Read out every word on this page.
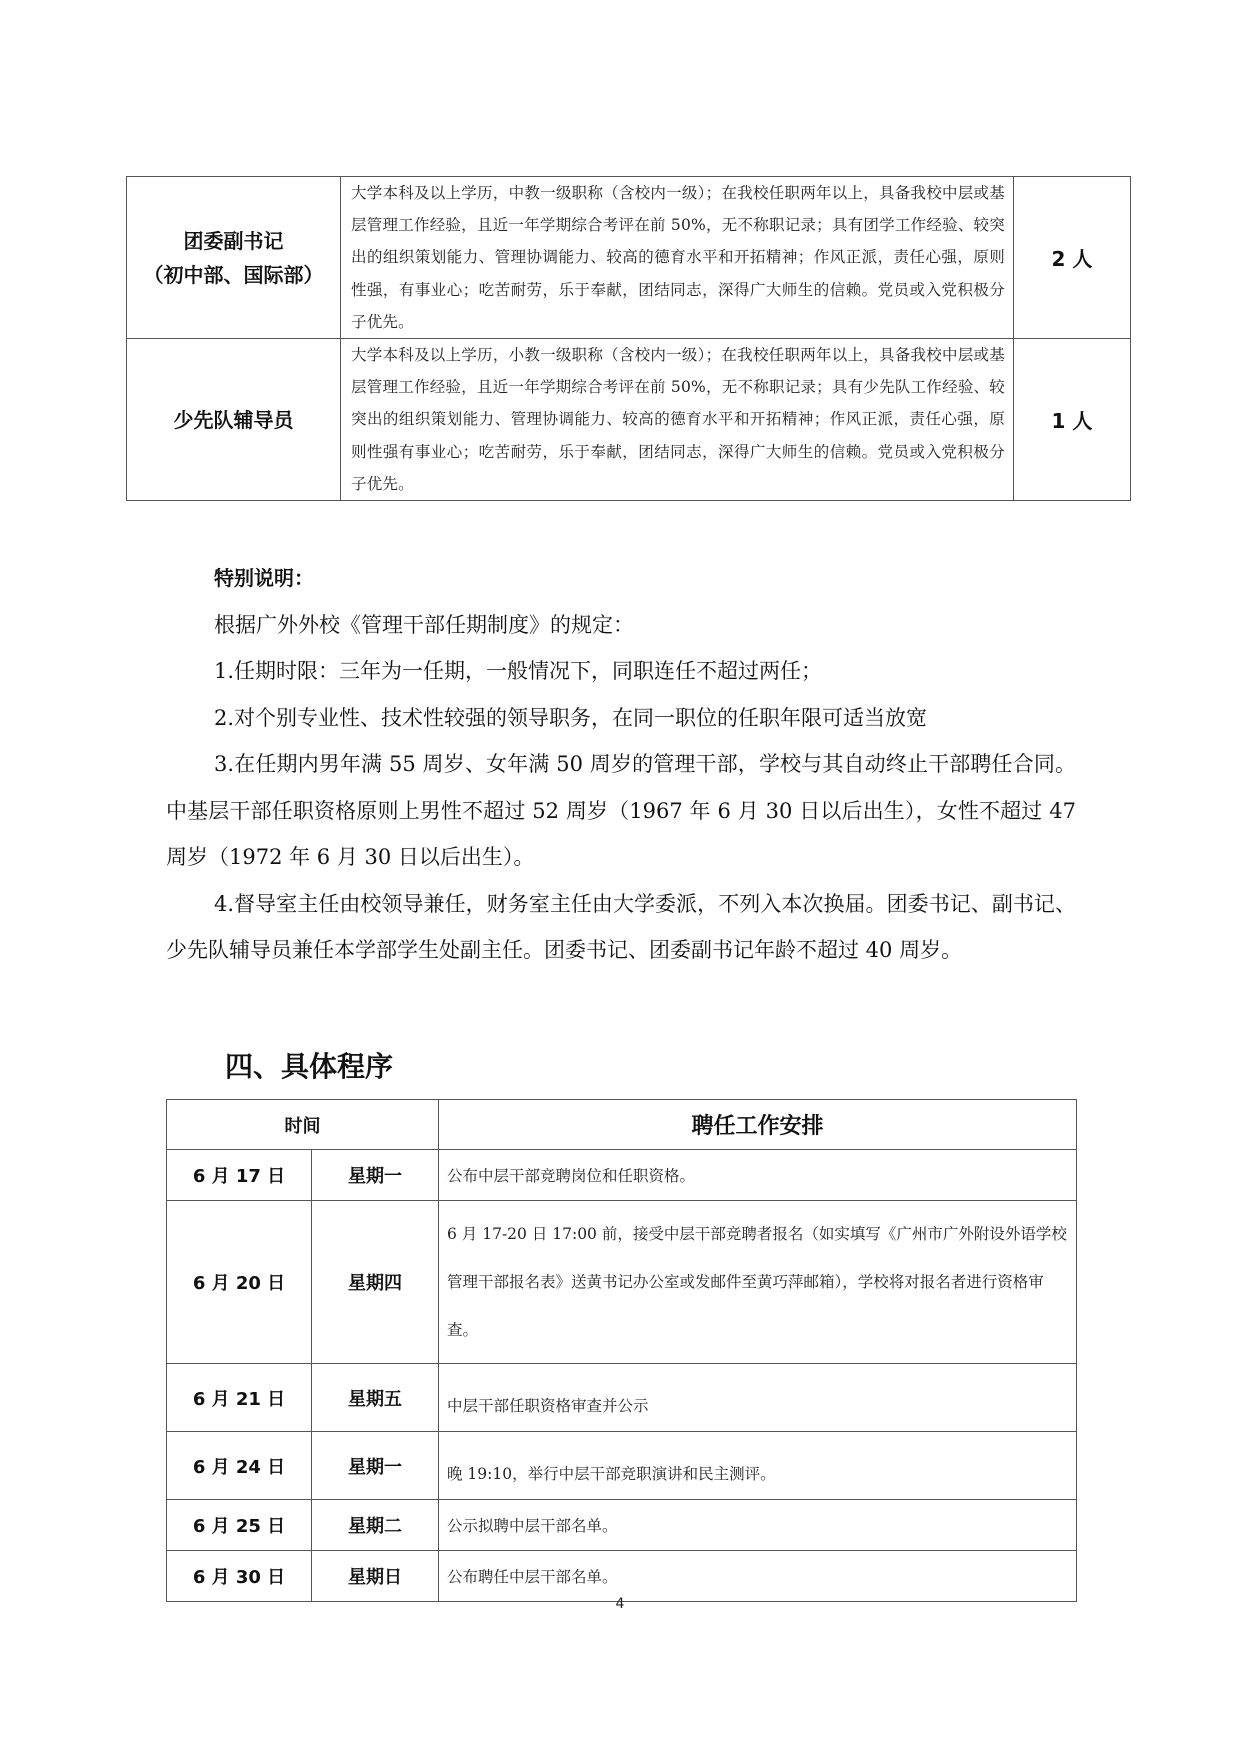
团委副书记
（初中部、国际部）	大学本科及以上学历，中教一级职称（含校内一级）；在我校任职两年以上，具备我校中层或基层管理工作经验，且近一年学期综合考评在前 50%，无不称职记录；具有团学工作经验、较突出的组织策划能力、管理协调能力、较高的德育水平和开拓精神；作风正派，责任心强，原则性强，有事业心；吃苦耐劳，乐于奉献，团结同志，深得广大师生的信赖。党员或入党积极分子优先。	2 人

少先队辅导员	大学本科及以上学历，小教一级职称（含校内一级）；在我校任职两年以上，具备我校中层或基层管理工作经验，且近一年学期综合考评在前 50%，无不称职记录；具有少先队工作经验、较突出的组织策划能力、管理协调能力、较高的德育水平和开拓精神；作风正派，责任心强，原则性强有事业心；吃苦耐劳，乐于奉献，团结同志，深得广大师生的信赖。党员或入党积极分子优先。	1 人

特别说明：

根据广外外校《管理干部任期制度》的规定：

1.任期时限：三年为一任期，一般情况下，同职连任不超过两任；

2.对个别专业性、技术性较强的领导职务，在同一职位的任职年限可适当放宽

3.在任期内男年满 55 周岁、女年满 50 周岁的管理干部，学校与其自动终止干部聘任合同。中基层干部任职资格原则上男性不超过 52 周岁（1967 年 6 月 30 日以后出生），女性不超过 47 周岁（1972 年 6 月 30 日以后出生）。

4.督导室主任由校领导兼任，财务室主任由大学委派，不列入本次换届。团委书记、副书记、少先队辅导员兼任本学部学生处副主任。团委书记、团委副书记年龄不超过 40 周岁。

四、具体程序
时间		聘任工作安排
6 月 17 日	星期一	公布中层干部竞聘岗位和任职资格。
6 月 20 日	星期四	6 月 17-20 日 17:00 前，接受中层干部竞聘者报名（如实填写《广州市广外附设外语学校管理干部报名表》送黄书记办公室或发邮件至黄巧萍邮箱），学校将对报名者进行资格审查。
6 月 21 日	星期五	中层干部任职资格审查并公示
6 月 24 日	星期一	晚 19:10，举行中层干部竞职演讲和民主测评。
6 月 25 日	星期二	公示拟聘中层干部名单。
6 月 30 日	星期日	公布聘任中层干部名单。
4
